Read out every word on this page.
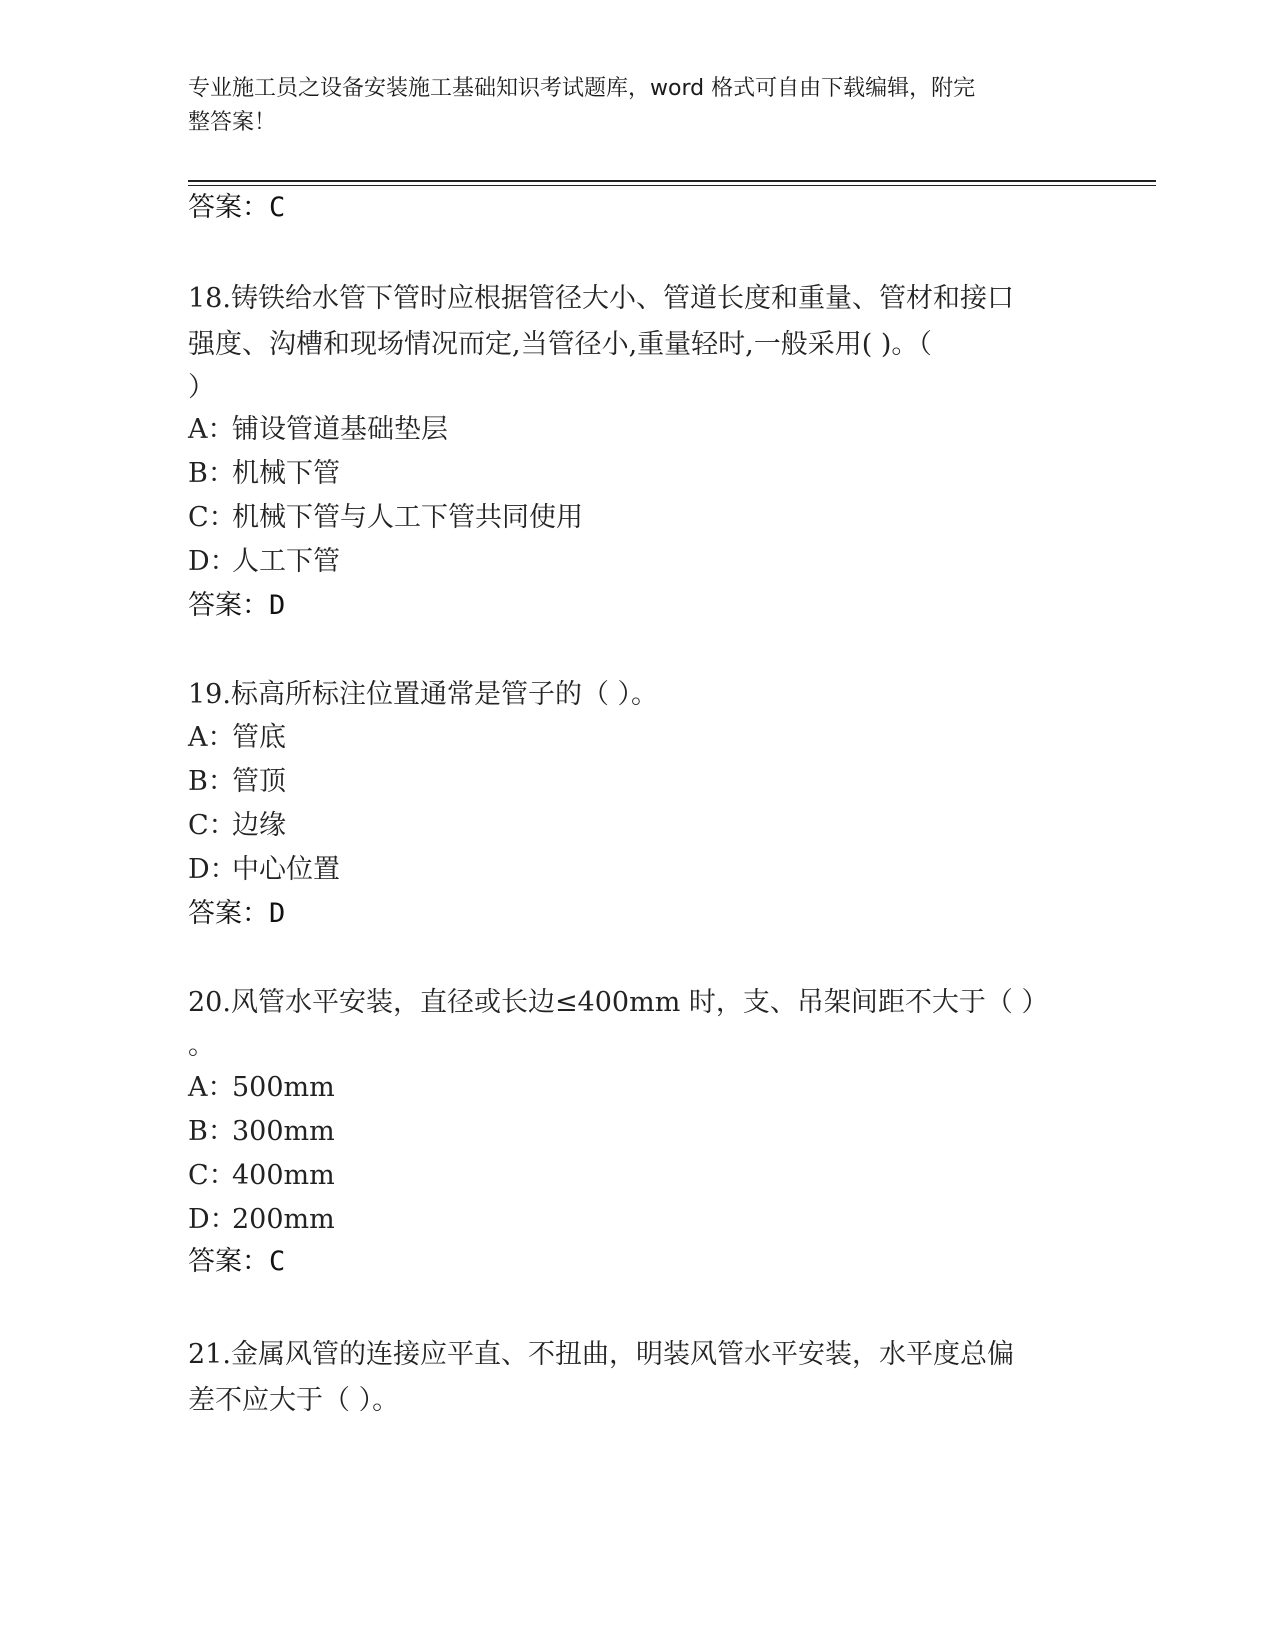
专业施工员之设备安装施工基础知识考试题库，word 格式可自由下载编辑，附完
整答案！
答案：C
18.铸铁给水管下管时应根据管径大小、管道长度和重量、管材和接口
强度、沟槽和现场情况而定,当管径小,重量轻时,一般采用( )。（
）
A：铺设管道基础垫层
B：机械下管
C：机械下管与人工下管共同使用
D：人工下管
答案：D
19.标高所标注位置通常是管子的（ ）。
A：管底
B：管顶
C：边缘
D：中心位置
答案：D
20.风管水平安装，直径或长边≤400mm 时，支、吊架间距不大于（ ）
。
A：500mm
B：300mm
C：400mm
D：200mm
答案：C
21.金属风管的连接应平直、不扭曲，明装风管水平安装，水平度总偏
差不应大于（ ）。
